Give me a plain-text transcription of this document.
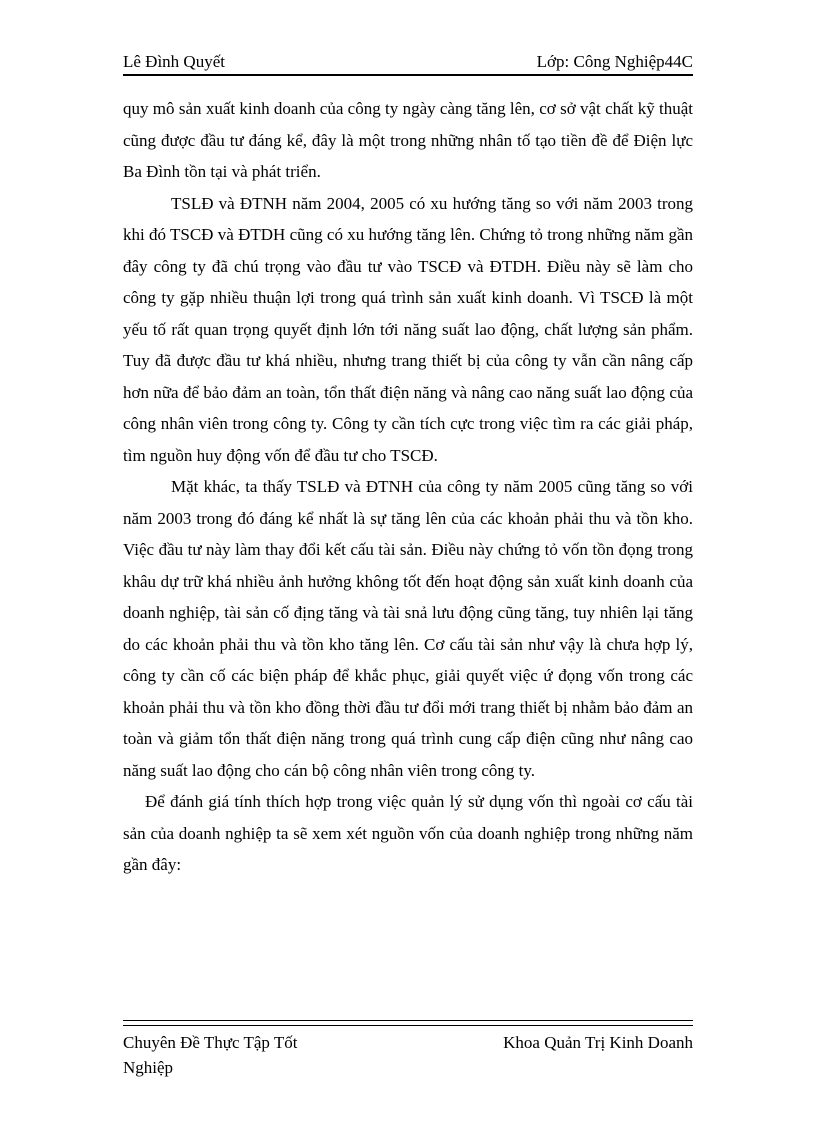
Lê Đình Quyết	Lớp: Công Nghiệp44C

quy mô sản xuất kinh doanh của công ty ngày càng tăng lên, cơ sở vật chất kỹ thuật cũng được đầu tư đáng kể, đây là một trong những nhân tố tạo tiền đề để Điện lực Ba Đình tồn tại và phát triển.

TSLĐ và ĐTNH năm 2004, 2005 có xu hướng tăng so với năm 2003 trong khi đó TSCĐ và ĐTDH cũng có xu hướng tăng lên. Chứng tỏ trong những năm gần đây công ty đã chú trọng vào đầu tư vào TSCĐ và ĐTDH. Điều này sẽ làm cho công ty gặp nhiều thuận lợi trong quá trình sản xuất kinh doanh. Vì TSCĐ là một yếu tố rất quan trọng quyết định lớn tới năng suất lao động, chất lượng sản phẩm. Tuy đã được đầu tư khá nhiều, nhưng trang thiết bị của công ty vẫn cần nâng cấp hơn nữa để bảo đảm an toàn, tổn thất điện năng và nâng cao năng suất lao động của công nhân viên trong công ty. Công ty cần tích cực trong việc tìm ra các giải pháp, tìm nguồn huy động vốn để đầu tư cho TSCĐ.

Mặt khác, ta thấy TSLĐ và ĐTNH của công ty năm 2005 cũng tăng so với năm 2003 trong đó đáng kể nhất là sự tăng lên của các khoản phải thu và tồn kho. Việc đầu tư này làm thay đổi kết cấu tài sản. Điều này chứng tỏ vốn tồn đọng trong khâu dự trữ khá nhiều ảnh hưởng không tốt đến hoạt động sản xuất kinh doanh của doanh nghiệp, tài sản cố địng tăng và tài snả lưu động cũng tăng, tuy nhiên lại tăng do các khoản phải thu và tồn kho tăng lên. Cơ cấu tài sản như vậy là chưa hợp lý, công ty cần cố các biện pháp để khắc phục, giải quyết việc ứ đọng vốn trong các khoản phải thu và tồn kho đồng thời đầu tư đổi mới trang thiết bị nhằm bảo đảm an toàn và giảm tổn thất điện năng trong quá trình cung cấp điện cũng như nâng cao năng suất lao động cho cán bộ công nhân viên trong công ty.

Để đánh giá tính thích hợp trong việc quản lý sử dụng vốn thì ngoài cơ cấu tài sản của doanh nghiệp ta sẽ xem xét nguồn vốn của doanh nghiệp trong những năm gần đây:

Chuyên Đề Thực Tập Tốt Nghiệp
Khoa Quản Trị Kinh Doanh
